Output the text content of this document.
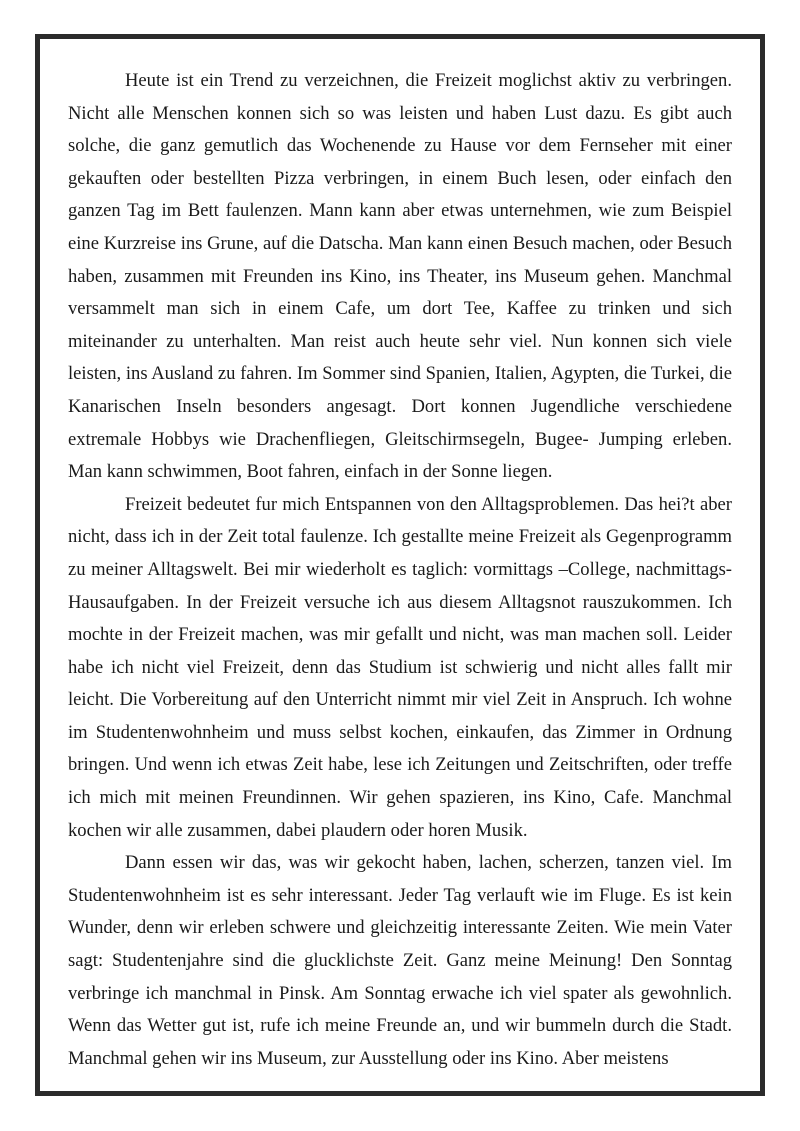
Heute ist ein Trend zu verzeichnen, die Freizeit moglichst aktiv zu verbringen. Nicht alle Menschen konnen sich so was leisten und haben Lust dazu. Es gibt auch solche, die ganz gemutlich das Wochenende zu Hause vor dem Fernseher mit einer gekauften oder bestellten Pizza verbringen, in einem Buch lesen, oder einfach den ganzen Tag im Bett faulenzen. Mann kann aber etwas unternehmen, wie zum Beispiel eine Kurzreise ins Grune, auf die Datscha. Man kann einen Besuch machen, oder Besuch haben, zusammen mit Freunden ins Kino, ins Theater, ins Museum gehen. Manchmal versammelt man sich in einem Cafe, um dort Tee, Kaffee zu trinken und sich miteinander zu unterhalten. Man reist auch heute sehr viel. Nun konnen sich viele leisten, ins Ausland zu fahren. Im Sommer sind Spanien, Italien, Agypten, die Turkei, die Kanarischen Inseln besonders angesagt. Dort konnen Jugendliche verschiedene extremale Hobbys wie Drachenfliegen, Gleitschirmsegeln, Bugee- Jumping erleben. Man kann schwimmen, Boot fahren, einfach in der Sonne liegen.

Freizeit bedeutet fur mich Entspannen von den Alltagsproblemen. Das hei?t aber nicht, dass ich in der Zeit total faulenze. Ich gestallte meine Freizeit als Gegenprogramm zu meiner Alltagswelt. Bei mir wiederholt es taglich: vormittags –College, nachmittags-Hausaufgaben. In der Freizeit versuche ich aus diesem Alltagsnot rauszukommen. Ich mochte in der Freizeit machen, was mir gefallt und nicht, was man machen soll. Leider habe ich nicht viel Freizeit, denn das Studium ist schwierig und nicht alles fallt mir leicht. Die Vorbereitung auf den Unterricht nimmt mir viel Zeit in Anspruch. Ich wohne im Studentenwohnheim und muss selbst kochen, einkaufen, das Zimmer in Ordnung bringen. Und wenn ich etwas Zeit habe, lese ich Zeitungen und Zeitschriften, oder treffe ich mich mit meinen Freundinnen. Wir gehen spazieren, ins Kino, Cafe. Manchmal kochen wir alle zusammen, dabei plaudern oder horen Musik.

Dann essen wir das, was wir gekocht haben, lachen, scherzen, tanzen viel. Im Studentenwohnheim ist es sehr interessant. Jeder Tag verlauft wie im Fluge. Es ist kein Wunder, denn wir erleben schwere und gleichzeitig interessante Zeiten. Wie mein Vater sagt: Studentenjahre sind die glucklichste Zeit. Ganz meine Meinung! Den Sonntag verbringe ich manchmal in Pinsk. Am Sonntag erwache ich viel spater als gewohnlich. Wenn das Wetter gut ist, rufe ich meine Freunde an, und wir bummeln durch die Stadt. Manchmal gehen wir ins Museum, zur Ausstellung oder ins Kino. Aber meistens
